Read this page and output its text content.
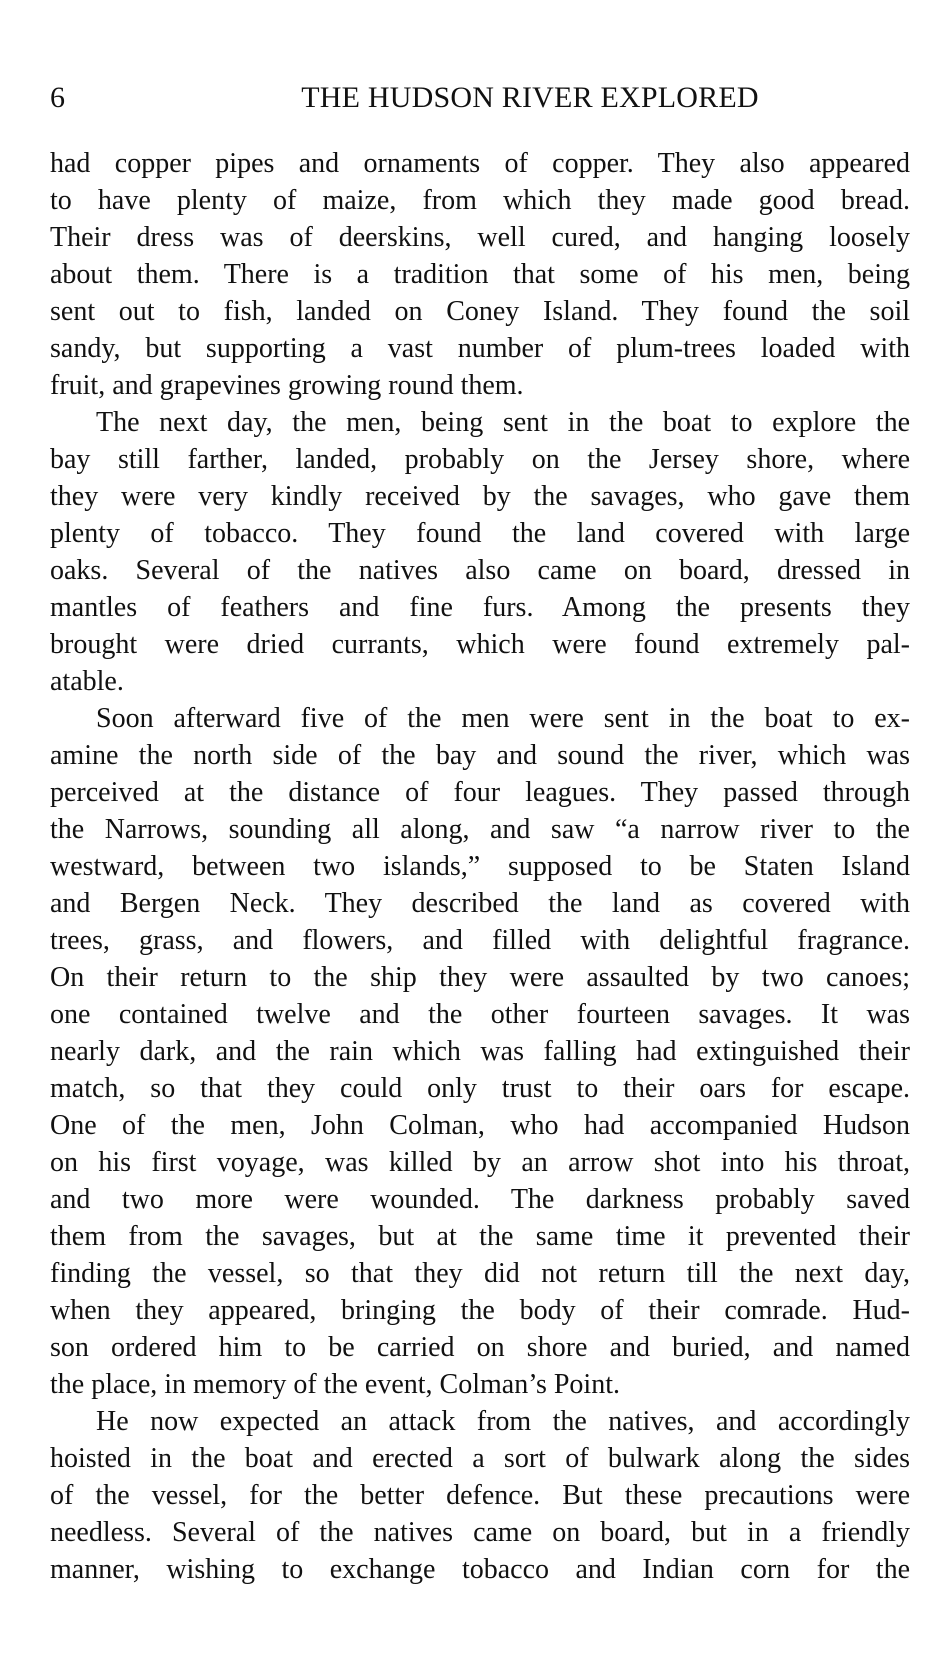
6	THE HUDSON RIVER EXPLORED
had copper pipes and ornaments of copper. They also appeared
to have plenty of maize, from which they made good bread.
Their dress was of deerskins, well cured, and hanging loosely
about them. There is a tradition that some of his men, being
sent out to fish, landed on Coney Island. They found the soil
sandy, but supporting a vast number of plum-trees loaded with
fruit, and grapevines growing round them.
The next day, the men, being sent in the boat to explore the
bay still farther, landed, probably on the Jersey shore, where
they were very kindly received by the savages, who gave them
plenty of tobacco. They found the land covered with large
oaks. Several of the natives also came on board, dressed in
mantles of feathers and fine furs. Among the presents they
brought were dried currants, which were found extremely pal-
atable.
Soon afterward five of the men were sent in the boat to ex-
amine the north side of the bay and sound the river, which was
perceived at the distance of four leagues. They passed through
the Narrows, sounding all along, and saw “a narrow river to the
westward, between two islands,” supposed to be Staten Island
and Bergen Neck. They described the land as covered with
trees, grass, and flowers, and filled with delightful fragrance.
On their return to the ship they were assaulted by two canoes;
one contained twelve and the other fourteen savages. It was
nearly dark, and the rain which was falling had extinguished their
match, so that they could only trust to their oars for escape.
One of the men, John Colman, who had accompanied Hudson
on his first voyage, was killed by an arrow shot into his throat,
and two more were wounded. The darkness probably saved
them from the savages, but at the same time it prevented their
finding the vessel, so that they did not return till the next day,
when they appeared, bringing the body of their comrade. Hud-
son ordered him to be carried on shore and buried, and named
the place, in memory of the event, Colman’s Point.
He now expected an attack from the natives, and accordingly
hoisted in the boat and erected a sort of bulwark along the sides
of the vessel, for the better defence. But these precautions were
needless. Several of the natives came on board, but in a friendly
manner, wishing to exchange tobacco and Indian corn for the
